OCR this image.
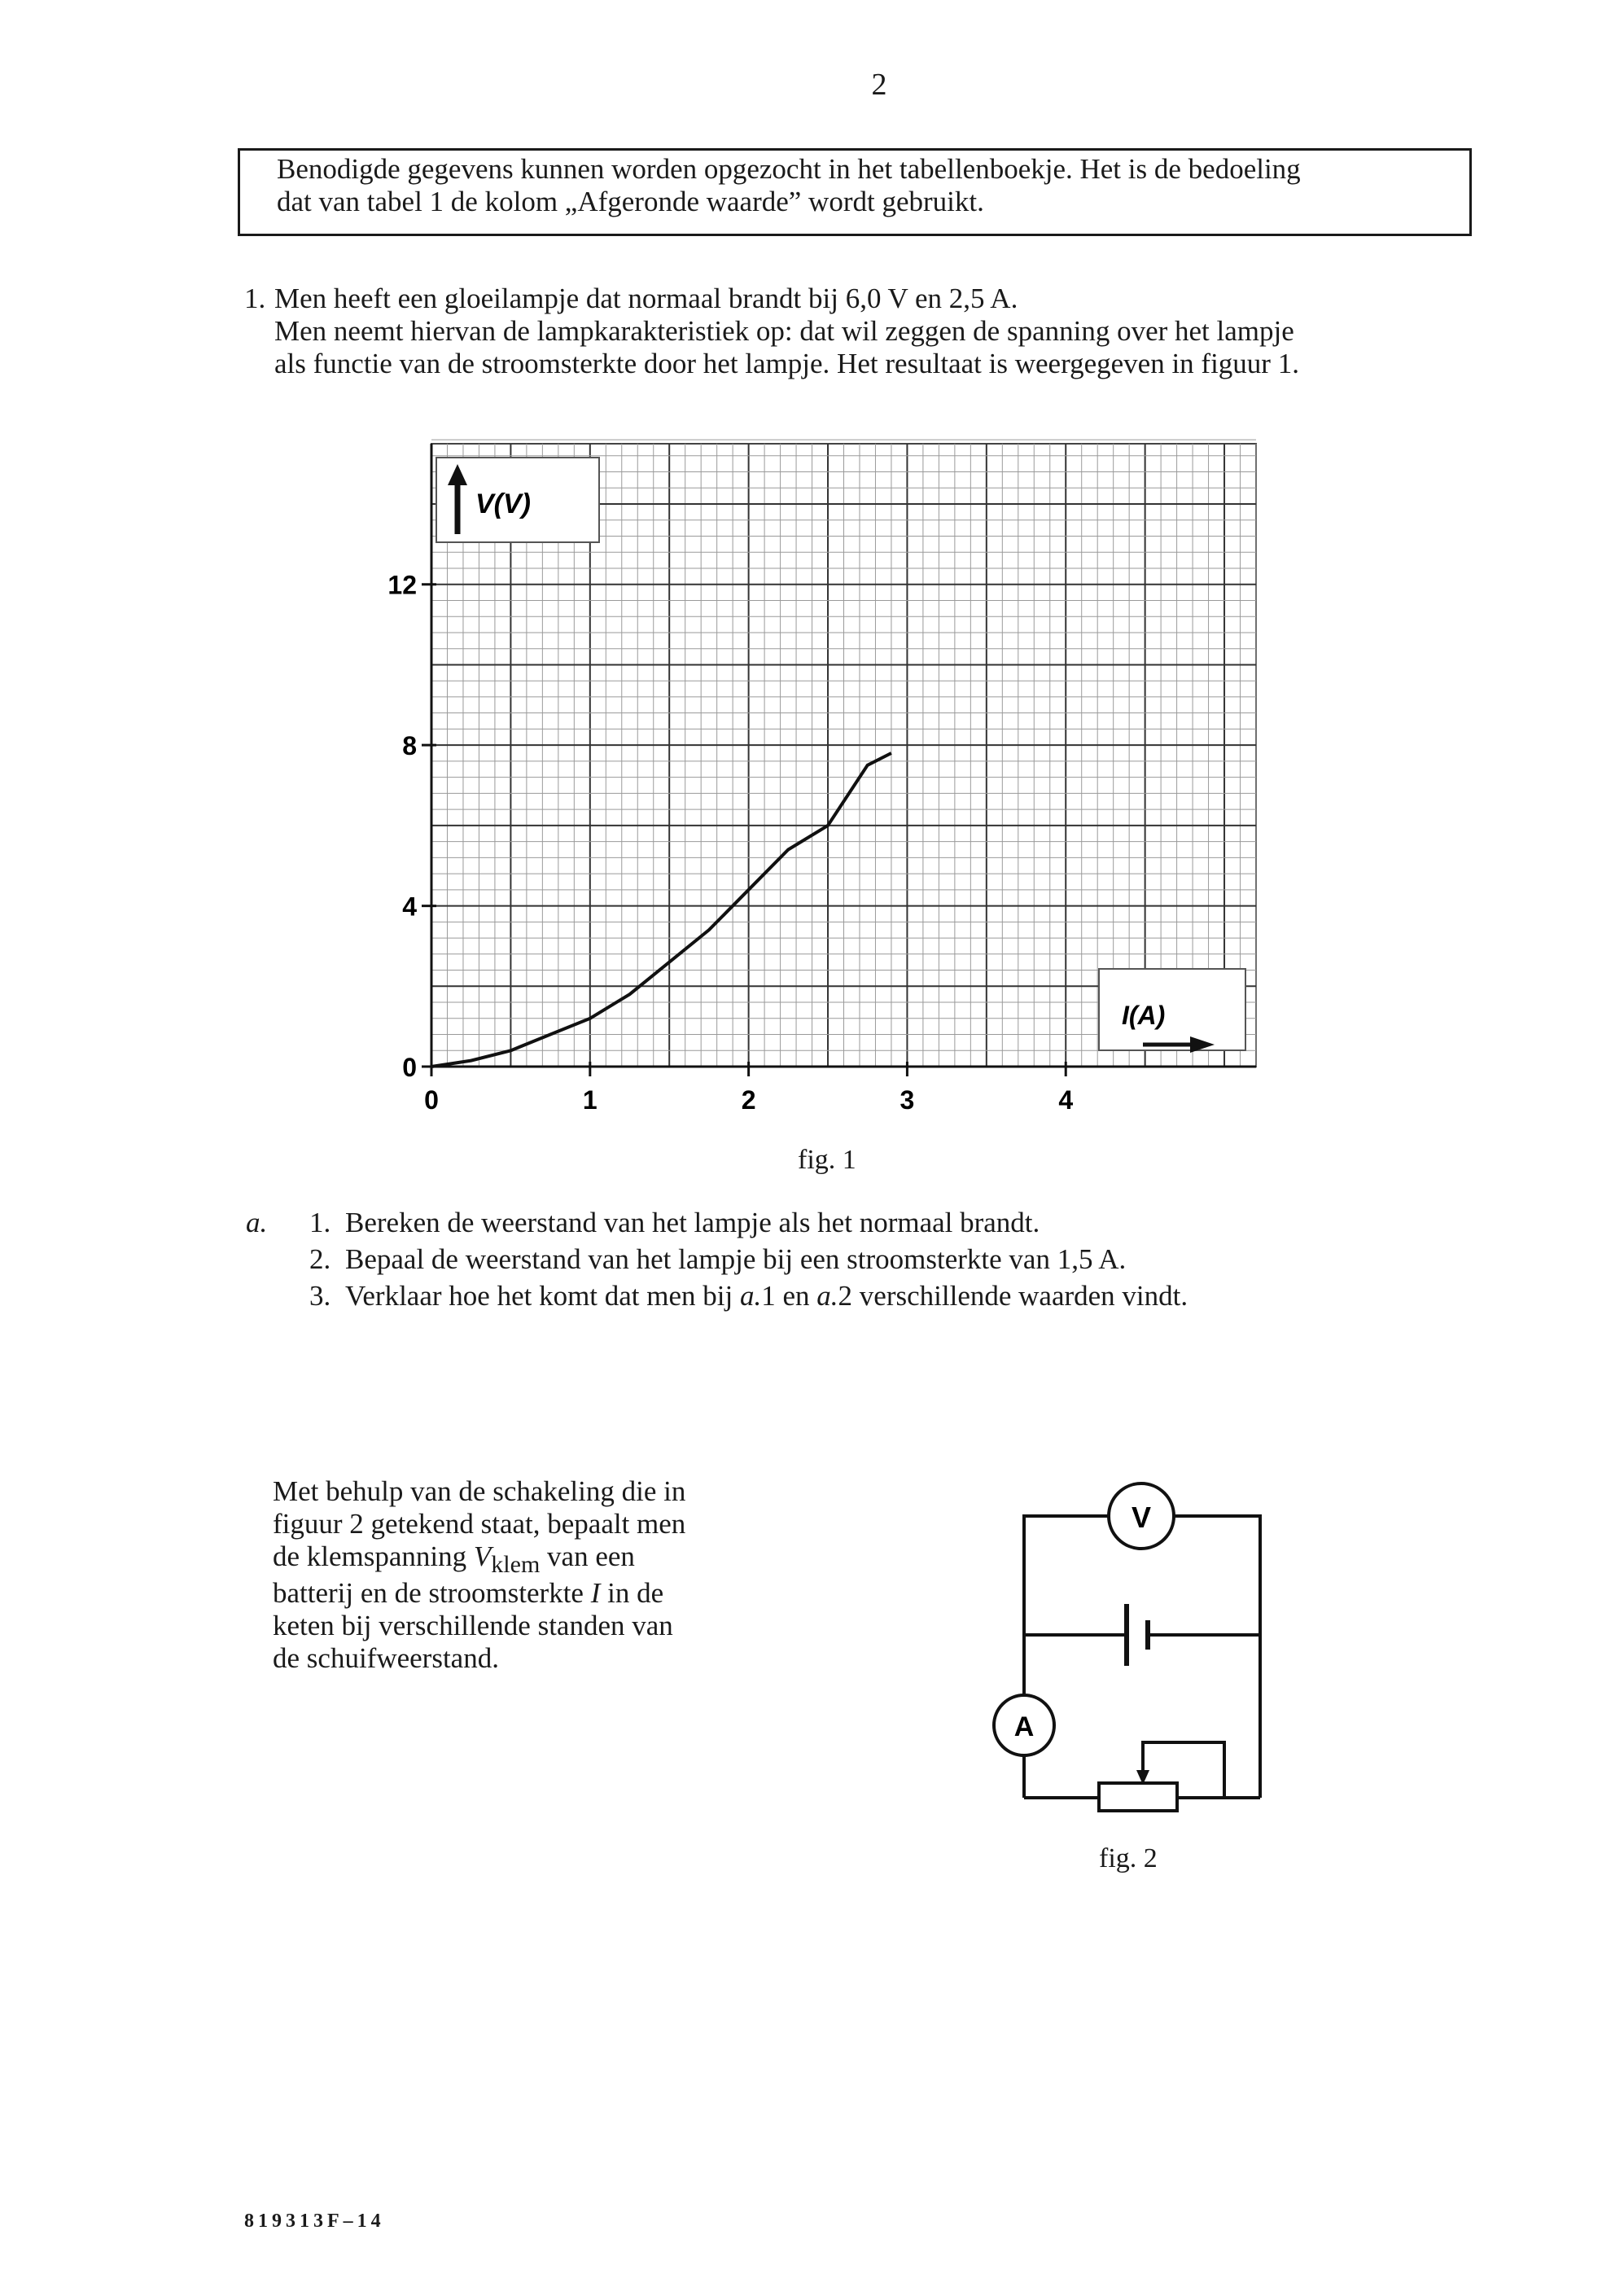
2
Benodigde gegevens kunnen worden opgezocht in het tabellenboekje. Het is de bedoeling
dat van tabel 1 de kolom „Afgeronde waarde” wordt gebruikt.
1. Men heeft een gloeilampje dat normaal brandt bij 6,0 V en 2,5 A.
Men neemt hiervan de lampkarakteristiek op: dat wil zeggen de spanning over het lampje
als functie van de stroomsterkte door het lampje. Het resultaat is weergegeven in figuur 1.
0	1	2	3	4
0
4
8
12
V(V)
I(A)
fig. 1
a. 1. Bereken de weerstand van het lampje als het normaal brandt.
2. Bepaal de weerstand van het lampje bij een stroomsterkte van 1,5 A.
3. Verklaar hoe het komt dat men bij a.1 en a.2 verschillende waarden vindt.
Met behulp van de schakeling die in
figuur 2 getekend staat, bepaalt men
de klemspanning $V_{klem}$ van een
batterij en de stroomsterkte I in de
keten bij verschillende standen van
de schuifweerstand.
V
A
fig. 2
819313F–14
